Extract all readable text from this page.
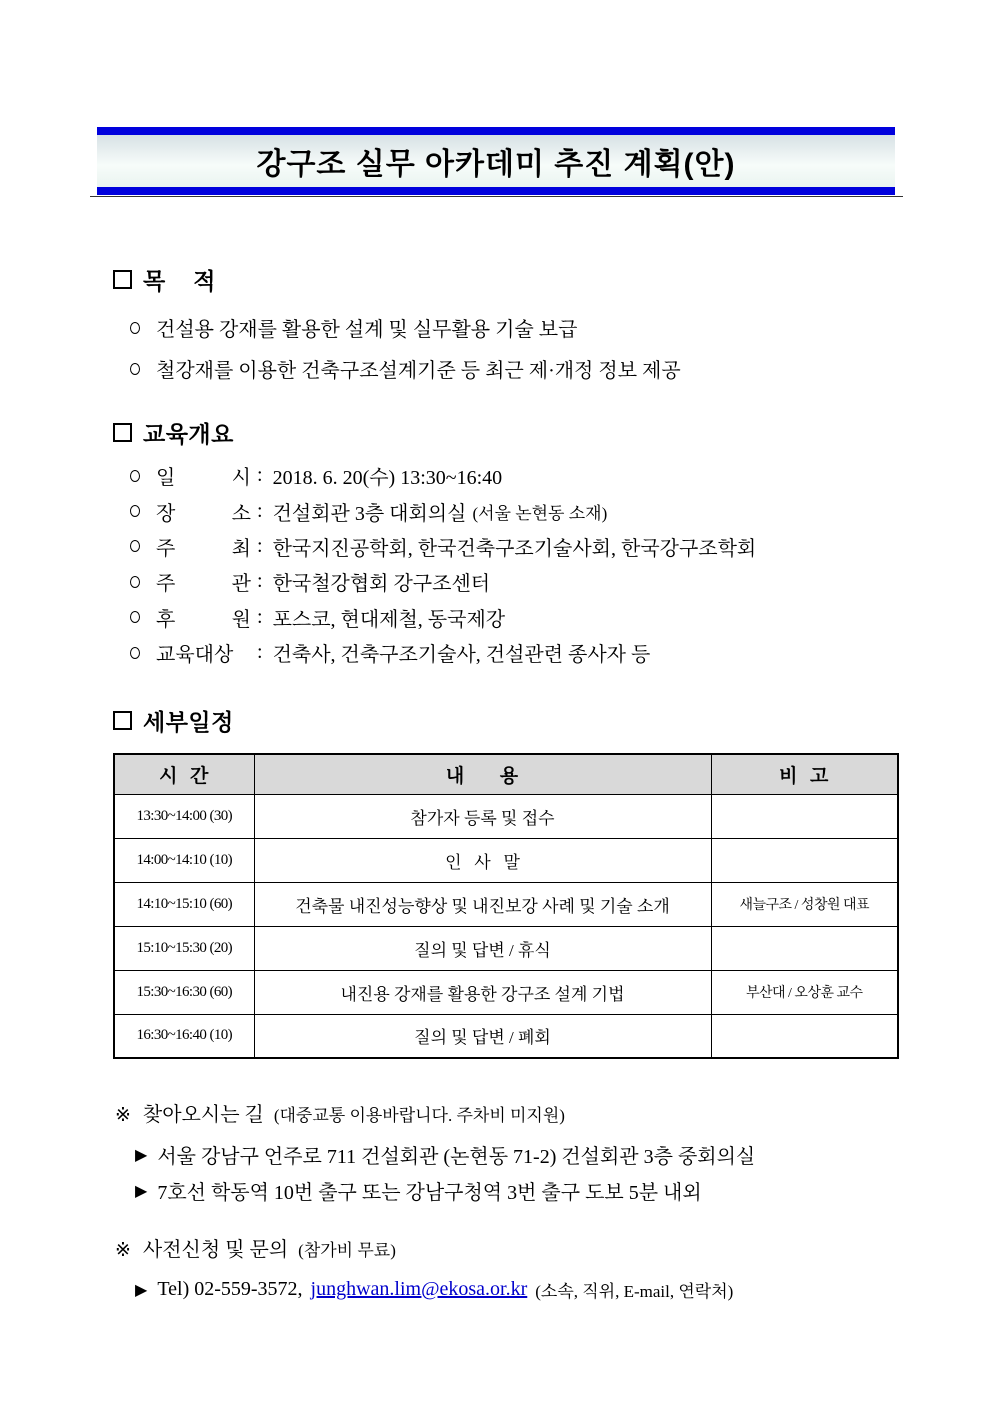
강구조 실무 아카데미 추진 계획(안)
목    적
건설용 강재를 활용한 설계 및 실무활용 기술 보급
철강재를 이용한 건축구조설계기준 등 최근 제·개정 정보 제공
교육개요
일 시 : 2018. 6. 20(수) 13:30~16:40
장 소 : 건설회관 3층 대회의실 (서울 논현동 소재)
주 최 : 한국지진공학회, 한국건축구조기술사회, 한국강구조학회
주 관 : 한국철강협회 강구조센터
후 원 : 포스코, 현대제철, 동국제강
교육대상	: 건축사, 건축구조기술사, 건설관련 종사자 등
세부일정
시  간	내      용	비  고
13:30~14:00 (30)	참가자 등록 및 접수	
14:00~14:10 (10)	인   사   말	
14:10~15:10 (60)	건축물 내진성능향상 및 내진보강 사례 및 기술 소개	새늘구조 / 성창원 대표
15:10~15:30 (20)	질의 및 답변 / 휴식	
15:30~16:30 (60)	내진용 강재를 활용한 강구조 설계 기법	부산대 / 오상훈 교수
16:30~16:40 (10)	질의 및 답변 / 폐회	
※ 찾아오시는 길 (대중교통 이용바랍니다. 주차비 미지원)
▶ 서울 강남구 언주로 711 건설회관 (논현동 71-2) 건설회관 3층 중회의실
▶ 7호선 학동역 10번 출구 또는 강남구청역 3번 출구 도보 5분 내외
※ 사전신청 및 문의 (참가비 무료)
▶ Tel) 02-559-3572, junghwan.lim@ekosa.or.kr (소속, 직위, E-mail, 연락처)
